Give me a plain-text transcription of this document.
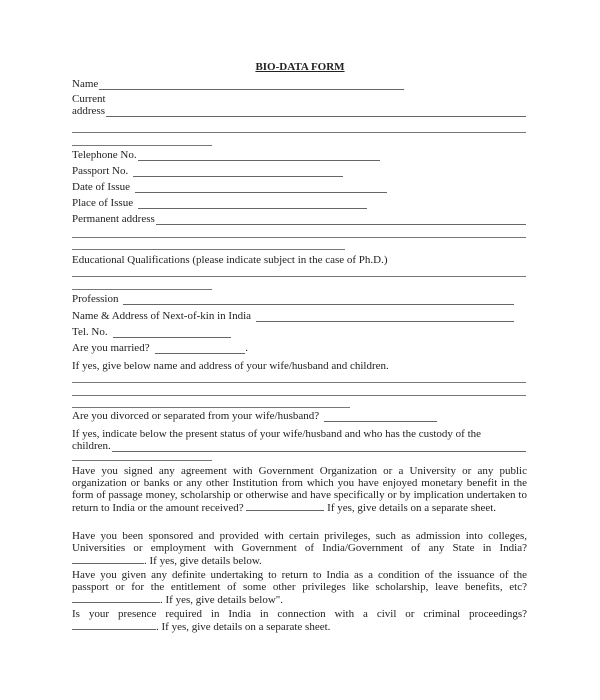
BIO-DATA FORM
Name
Current
address
Telephone No.
Passport No.
Date of Issue
Place of Issue
Permanent address
Educational Qualifications (please indicate subject in the case of Ph.D.)
Profession
Name & Address of Next-of-kin in India
Tel. No.
Are you married?	.
If yes, give below name and address of your wife/husband and children.
Are you divorced or separated from your wife/husband?
If yes, indicate below the present status of your wife/husband and who has the custody of the
children.
Have you signed any agreement with Government Organization or a University or any public organization or banks or any other Institution from which you have enjoyed monetary benefit in the form of passage money, scholarship or otherwise and have specifically or by implication undertaken to return to India or the amount received?	If yes, give details on a separate sheet.
Have you been sponsored and provided with certain privileges, such as admission into colleges, Universities or employment with Government of India/Government of any State in India? . If yes, give details below.
Have you given any definite undertaking to return to India as a condition of the issuance of the passport or for the entitlement of some other privileges like scholarship, leave benefits, etc?. If yes, give details below".
Is your presence required in India in connection with a civil or criminal proceedings?. If yes, give details on a separate sheet.
